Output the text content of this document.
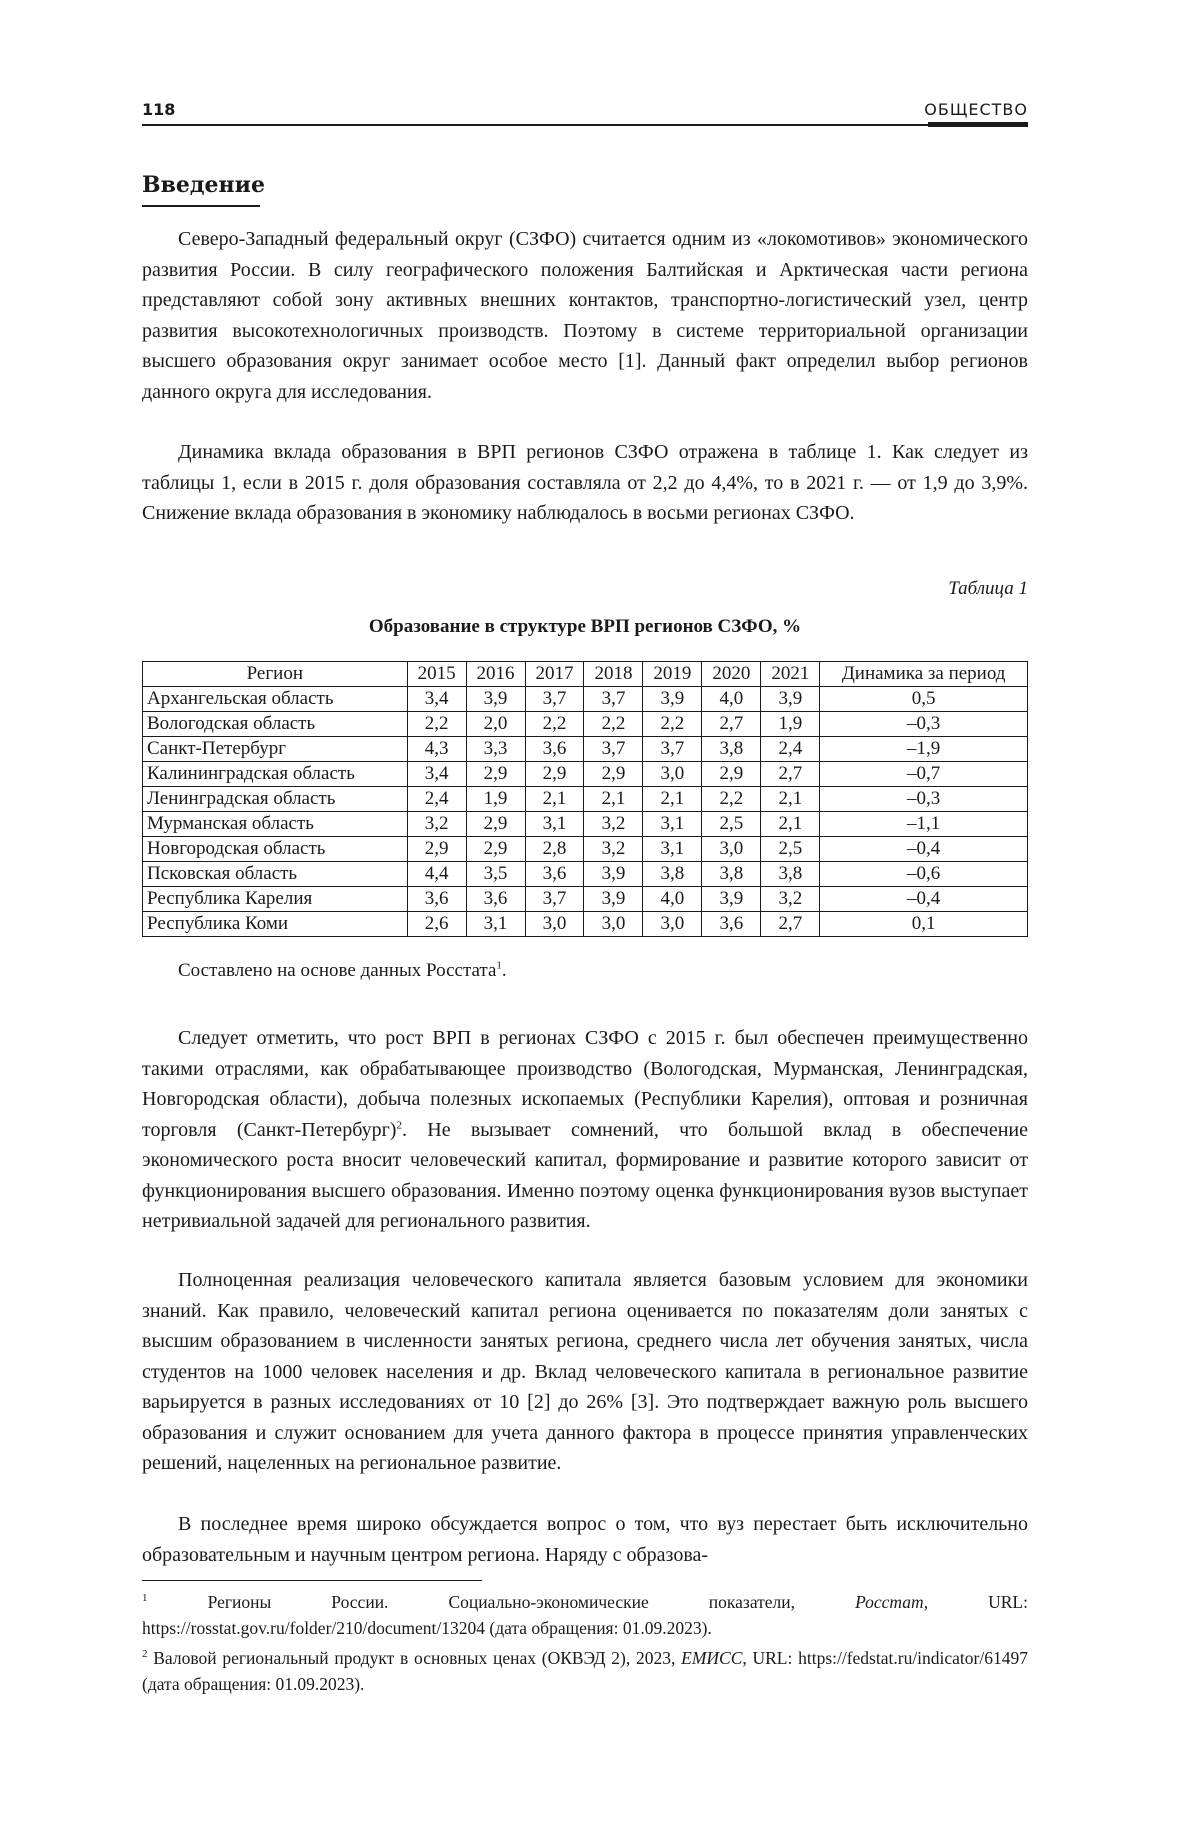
118	ОБЩЕСТВО
Введение

Северо-Западный федеральный округ (СЗФО) считается одним из «локомотивов» экономического развития России. В силу географического положения Балтийская и Арктическая части региона представляют собой зону активных внешних контактов, транспортно-логистический узел, центр развития высокотехнологичных производств. Поэтому в системе территориальной организации высшего образования округ занимает особое место [1]. Данный факт определил выбор регионов данного округа для исследования.

Динамика вклада образования в ВРП регионов СЗФО отражена в таблице 1. Как следует из таблицы 1, если в 2015 г. доля образования составляла от 2,2 до 4,4%, то в 2021 г. — от 1,9 до 3,9%. Снижение вклада образования в экономику наблюдалось в восьми регионах СЗФО.

Таблица 1
Образование в структуре ВРП регионов СЗФО, %
Регион	2015	2016	2017	2018	2019	2020	2021	Динамика за период
Архангельская область	3,4	3,9	3,7	3,7	3,9	4,0	3,9	0,5
Вологодская область	2,2	2,0	2,2	2,2	2,2	2,7	1,9	–0,3
Санкт-Петербург	4,3	3,3	3,6	3,7	3,7	3,8	2,4	–1,9
Калининградская область	3,4	2,9	2,9	2,9	3,0	2,9	2,7	–0,7
Ленинградская область	2,4	1,9	2,1	2,1	2,1	2,2	2,1	–0,3
Мурманская область	3,2	2,9	3,1	3,2	3,1	2,5	2,1	–1,1
Новгородская область	2,9	2,9	2,8	3,2	3,1	3,0	2,5	–0,4
Псковская область	4,4	3,5	3,6	3,9	3,8	3,8	3,8	–0,6
Республика Карелия	3,6	3,6	3,7	3,9	4,0	3,9	3,2	–0,4
Республика Коми	2,6	3,1	3,0	3,0	3,0	3,6	2,7	0,1
Составлено на основе данных Росстата$^1$.

Следует отметить, что рост ВРП в регионах СЗФО с 2015 г. был обеспечен преимущественно такими отраслями, как обрабатывающее производство (Вологодская, Мурманская, Ленинградская, Новгородская области), добыча полезных ископаемых (Республики Карелия), оптовая и розничная торговля (Санкт-Петербург)$^2$. Не вызывает сомнений, что большой вклад в обеспечение экономического роста вносит человеческий капитал, формирование и развитие которого зависит от функционирования высшего образования. Именно поэтому оценка функционирования вузов выступает нетривиальной задачей для регионального развития.

Полноценная реализация человеческого капитала является базовым условием для экономики знаний. Как правило, человеческий капитал региона оценивается по показателям доли занятых с высшим образованием в численности занятых региона, среднего числа лет обучения занятых, числа студентов на 1000 человек населения и др. Вклад человеческого капитала в региональное развитие варьируется в разных исследованиях от 10 [2] до 26% [3]. Это подтверждает важную роль высшего образования и служит основанием для учета данного фактора в процессе принятия управленческих решений, нацеленных на региональное развитие.

В последнее время широко обсуждается вопрос о том, что вуз перестает быть исключительно образовательным и научным центром региона. Наряду с образова-

$^1$ Регионы России. Социально-экономические показатели, Росстат, URL: https://rosstat.gov.ru/folder/210/document/13204 (дата обращения: 01.09.2023).

$^2$ Валовой региональный продукт в основных ценах (ОКВЭД 2), 2023, ЕМИСС, URL: https://fedstat.ru/indicator/61497 (дата обращения: 01.09.2023).
